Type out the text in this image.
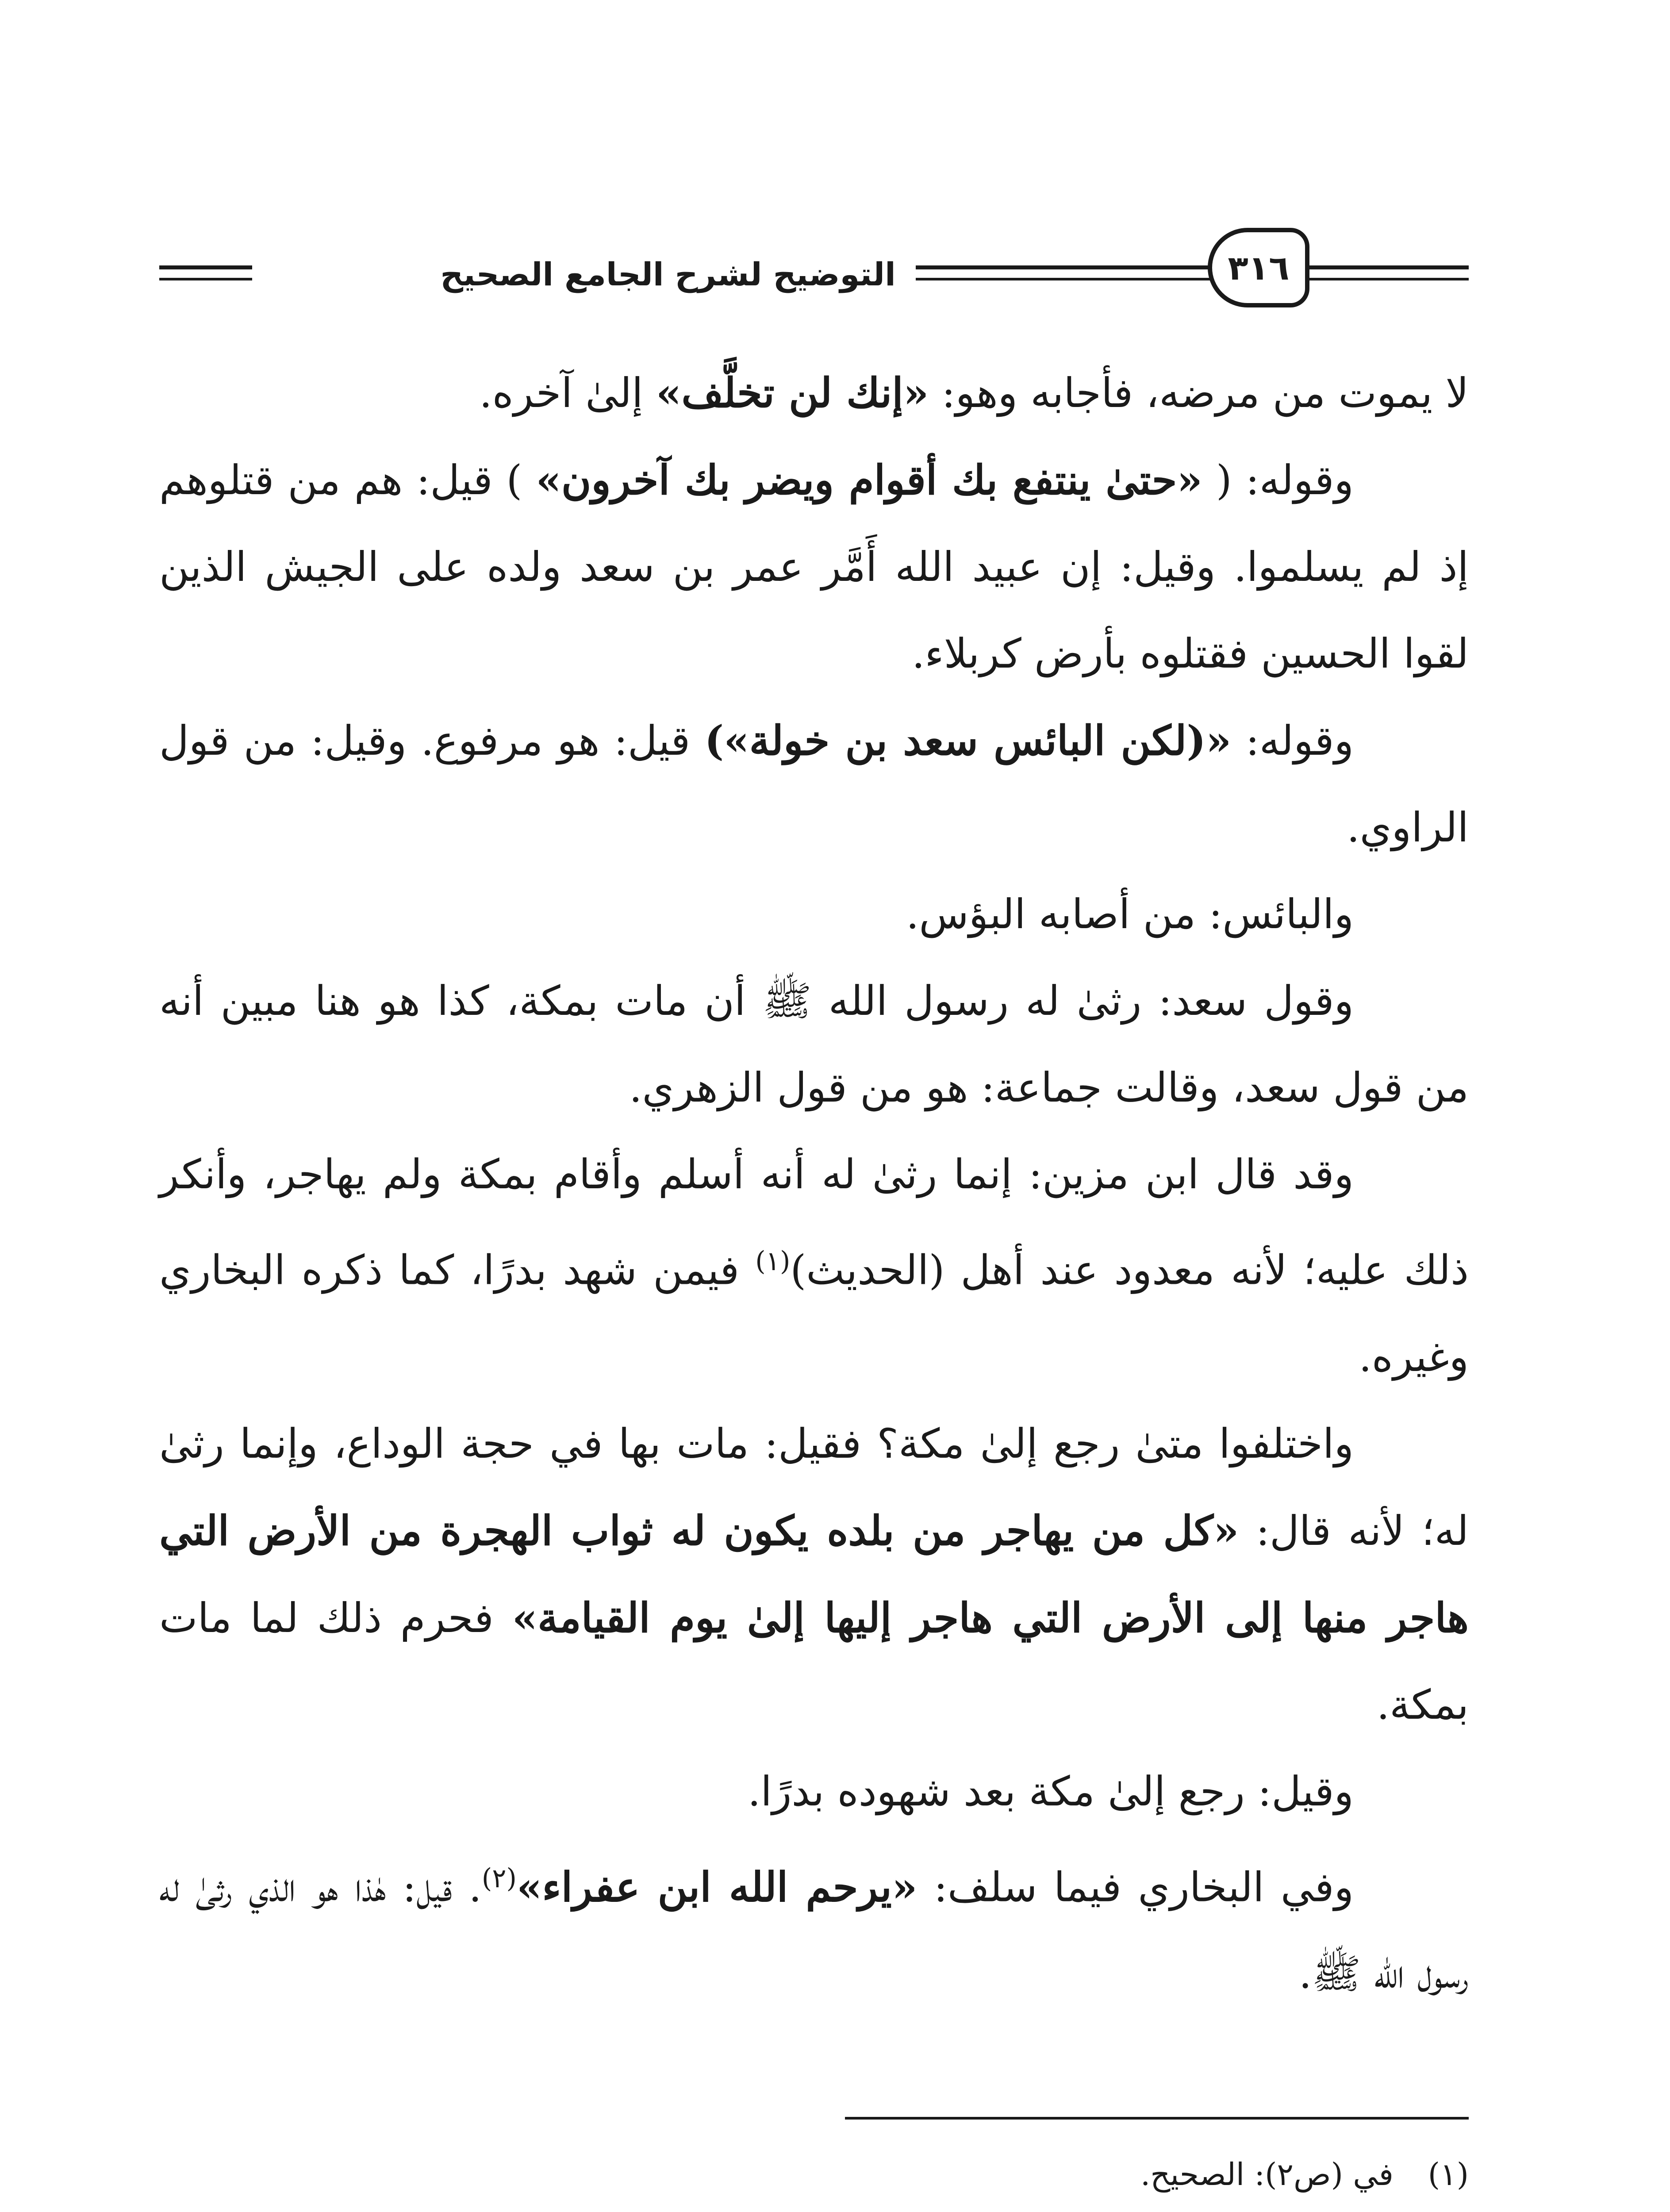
التوضيح لشرح الجامع الصحيح	٣١٦

لا يموت من مرضه، فأجابه وهو: «إنك لن تخلَّف» إلىٰ آخره.

وقوله: ( «حتىٰ ينتفع بك أقوام ويضر بك آخرون» ) قيل: هم من قتلوهم إذ لم يسلموا. وقيل: إن عبيد الله أَمَّر عمر بن سعد ولده على الجيش الذين لقوا الحسين فقتلوه بأرض كربلاء.

وقوله: «(لكن البائس سعد بن خولة») قيل: هو مرفوع. وقيل: من قول الراوي.

والبائس: من أصابه البؤس.

وقول سعد: رثىٰ له رسول الله ﷺ أن مات بمكة، كذا هو هنا مبين أنه من قول سعد، وقالت جماعة: هو من قول الزهري.

وقد قال ابن مزين: إنما رثىٰ له أنه أسلم وأقام بمكة ولم يهاجر، وأنكر ذلك عليه؛ لأنه معدود عند أهل (الحديث)$^{(١)}$ فيمن شهد بدرًا، كما ذكره البخاري وغيره.

واختلفوا متىٰ رجع إلىٰ مكة؟ فقيل: مات بها في حجة الوداع، وإنما رثىٰ له؛ لأنه قال: «كل من يهاجر من بلده يكون له ثواب الهجرة من الأرض التي هاجر منها إلى الأرض التي هاجر إليها إلىٰ يوم القيامة» فحرم ذلك لما مات بمكة.

وقيل: رجع إلىٰ مكة بعد شهوده بدرًا.

وفي البخاري فيما سلف: «يرحم الله ابن عفراء»$^{(٢)}$. قيل: هٰذا هو الذي رثىٰ له رسول الله ﷺ.

(١)
في (ص٢): الصحيح.
